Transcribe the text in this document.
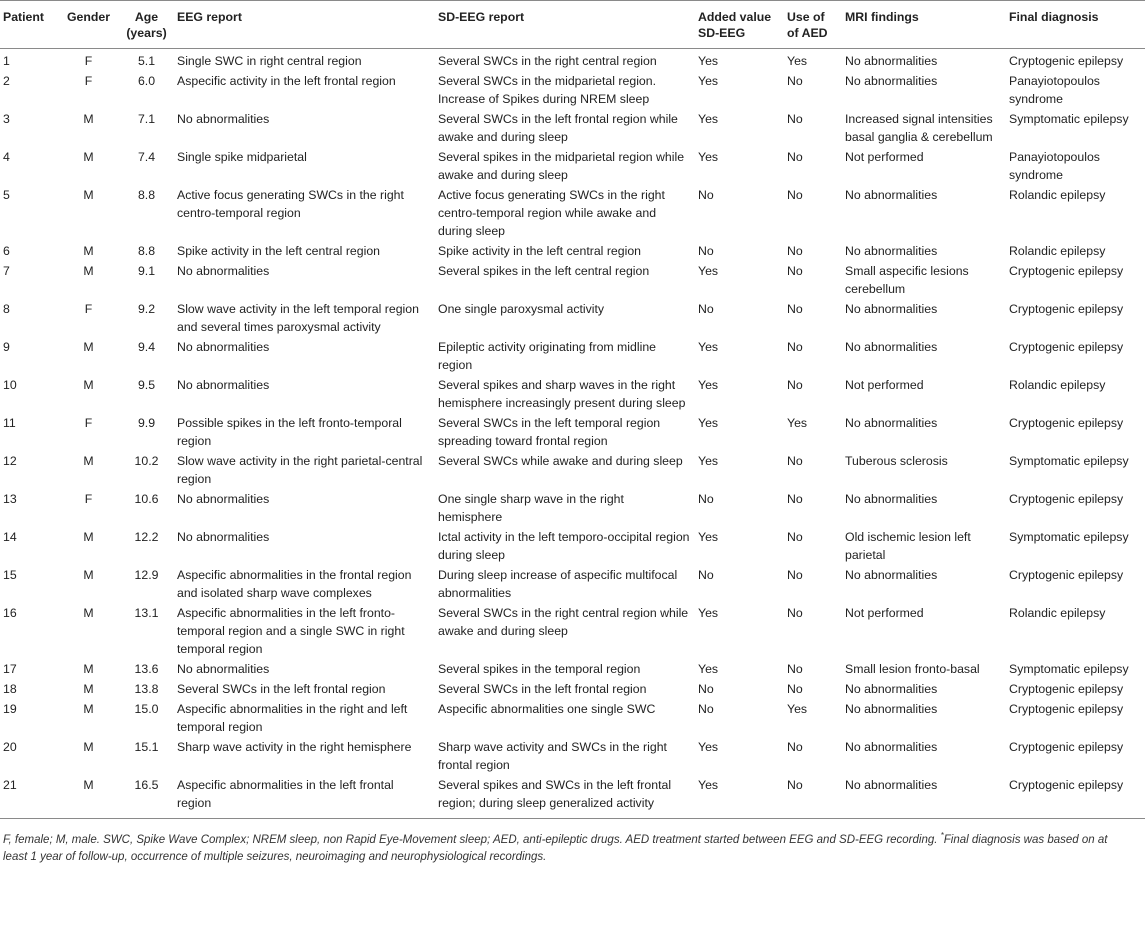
Patient	Gender	Age (years)	EEG report	SD-EEG report	Added value SD-EEG	Use of of AED	MRI findings	Final diagnosis
1	F	5.1	Single SWC in right central region	Several SWCs in the right central region	Yes	Yes	No abnormalities	Cryptogenic epilepsy
2	F	6.0	Aspecific activity in the left frontal region	Several SWCs in the midparietal region. Increase of Spikes during NREM sleep	Yes	No	No abnormalities	Panayiotopoulos syndrome
3	M	7.1	No abnormalities	Several SWCs in the left frontal region while awake and during sleep	Yes	No	Increased signal intensities basal ganglia & cerebellum	Symptomatic epilepsy
4	M	7.4	Single spike midparietal	Several spikes in the midparietal region while awake and during sleep	Yes	No	Not performed	Panayiotopoulos syndrome
5	M	8.8	Active focus generating SWCs in the right centro-temporal region	Active focus generating SWCs in the right centro-temporal region while awake and during sleep	No	No	No abnormalities	Rolandic epilepsy
6	M	8.8	Spike activity in the left central region	Spike activity in the left central region	No	No	No abnormalities	Rolandic epilepsy
7	M	9.1	No abnormalities	Several spikes in the left central region	Yes	No	Small aspecific lesions cerebellum	Cryptogenic epilepsy
8	F	9.2	Slow wave activity in the left temporal region and several times paroxysmal activity	One single paroxysmal activity	No	No	No abnormalities	Cryptogenic epilepsy
9	M	9.4	No abnormalities	Epileptic activity originating from midline region	Yes	No	No abnormalities	Cryptogenic epilepsy
10	M	9.5	No abnormalities	Several spikes and sharp waves in the right hemisphere increasingly present during sleep	Yes	No	Not performed	Rolandic epilepsy
11	F	9.9	Possible spikes in the left fronto-temporal region	Several SWCs in the left temporal region spreading toward frontal region	Yes	Yes	No abnormalities	Cryptogenic epilepsy
12	M	10.2	Slow wave activity in the right parietal-central region	Several SWCs while awake and during sleep	Yes	No	Tuberous sclerosis	Symptomatic epilepsy
13	F	10.6	No abnormalities	One single sharp wave in the right hemisphere	No	No	No abnormalities	Cryptogenic epilepsy
14	M	12.2	No abnormalities	Ictal activity in the left temporo-occipital region during sleep	Yes	No	Old ischemic lesion left parietal	Symptomatic epilepsy
15	M	12.9	Aspecific abnormalities in the frontal region and isolated sharp wave complexes	During sleep increase of aspecific multifocal abnormalities	No	No	No abnormalities	Cryptogenic epilepsy
16	M	13.1	Aspecific abnormalities in the left fronto-temporal region and a single SWC in right temporal region	Several SWCs in the right central region while awake and during sleep	Yes	No	Not performed	Rolandic epilepsy
17	M	13.6	No abnormalities	Several spikes in the temporal region	Yes	No	Small lesion fronto-basal	Symptomatic epilepsy
18	M	13.8	Several SWCs in the left frontal region	Several SWCs in the left frontal region	No	No	No abnormalities	Cryptogenic epilepsy
19	M	15.0	Aspecific abnormalities in the right and left temporal region	Aspecific abnormalities one single SWC	No	Yes	No abnormalities	Cryptogenic epilepsy
20	M	15.1	Sharp wave activity in the right hemisphere	Sharp wave activity and SWCs in the right frontal region	Yes	No	No abnormalities	Cryptogenic epilepsy
21	M	16.5	Aspecific abnormalities in the left frontal region	Several spikes and SWCs in the left frontal region; during sleep generalized activity	Yes	No	No abnormalities	Cryptogenic epilepsy
F, female; M, male. SWC, Spike Wave Complex; NREM sleep, non Rapid Eye-Movement sleep; AED, anti-epileptic drugs. AED treatment started between EEG and SD-EEG recording. *Final diagnosis was based on at least 1 year of follow-up, occurrence of multiple seizures, neuroimaging and neurophysiological recordings.
